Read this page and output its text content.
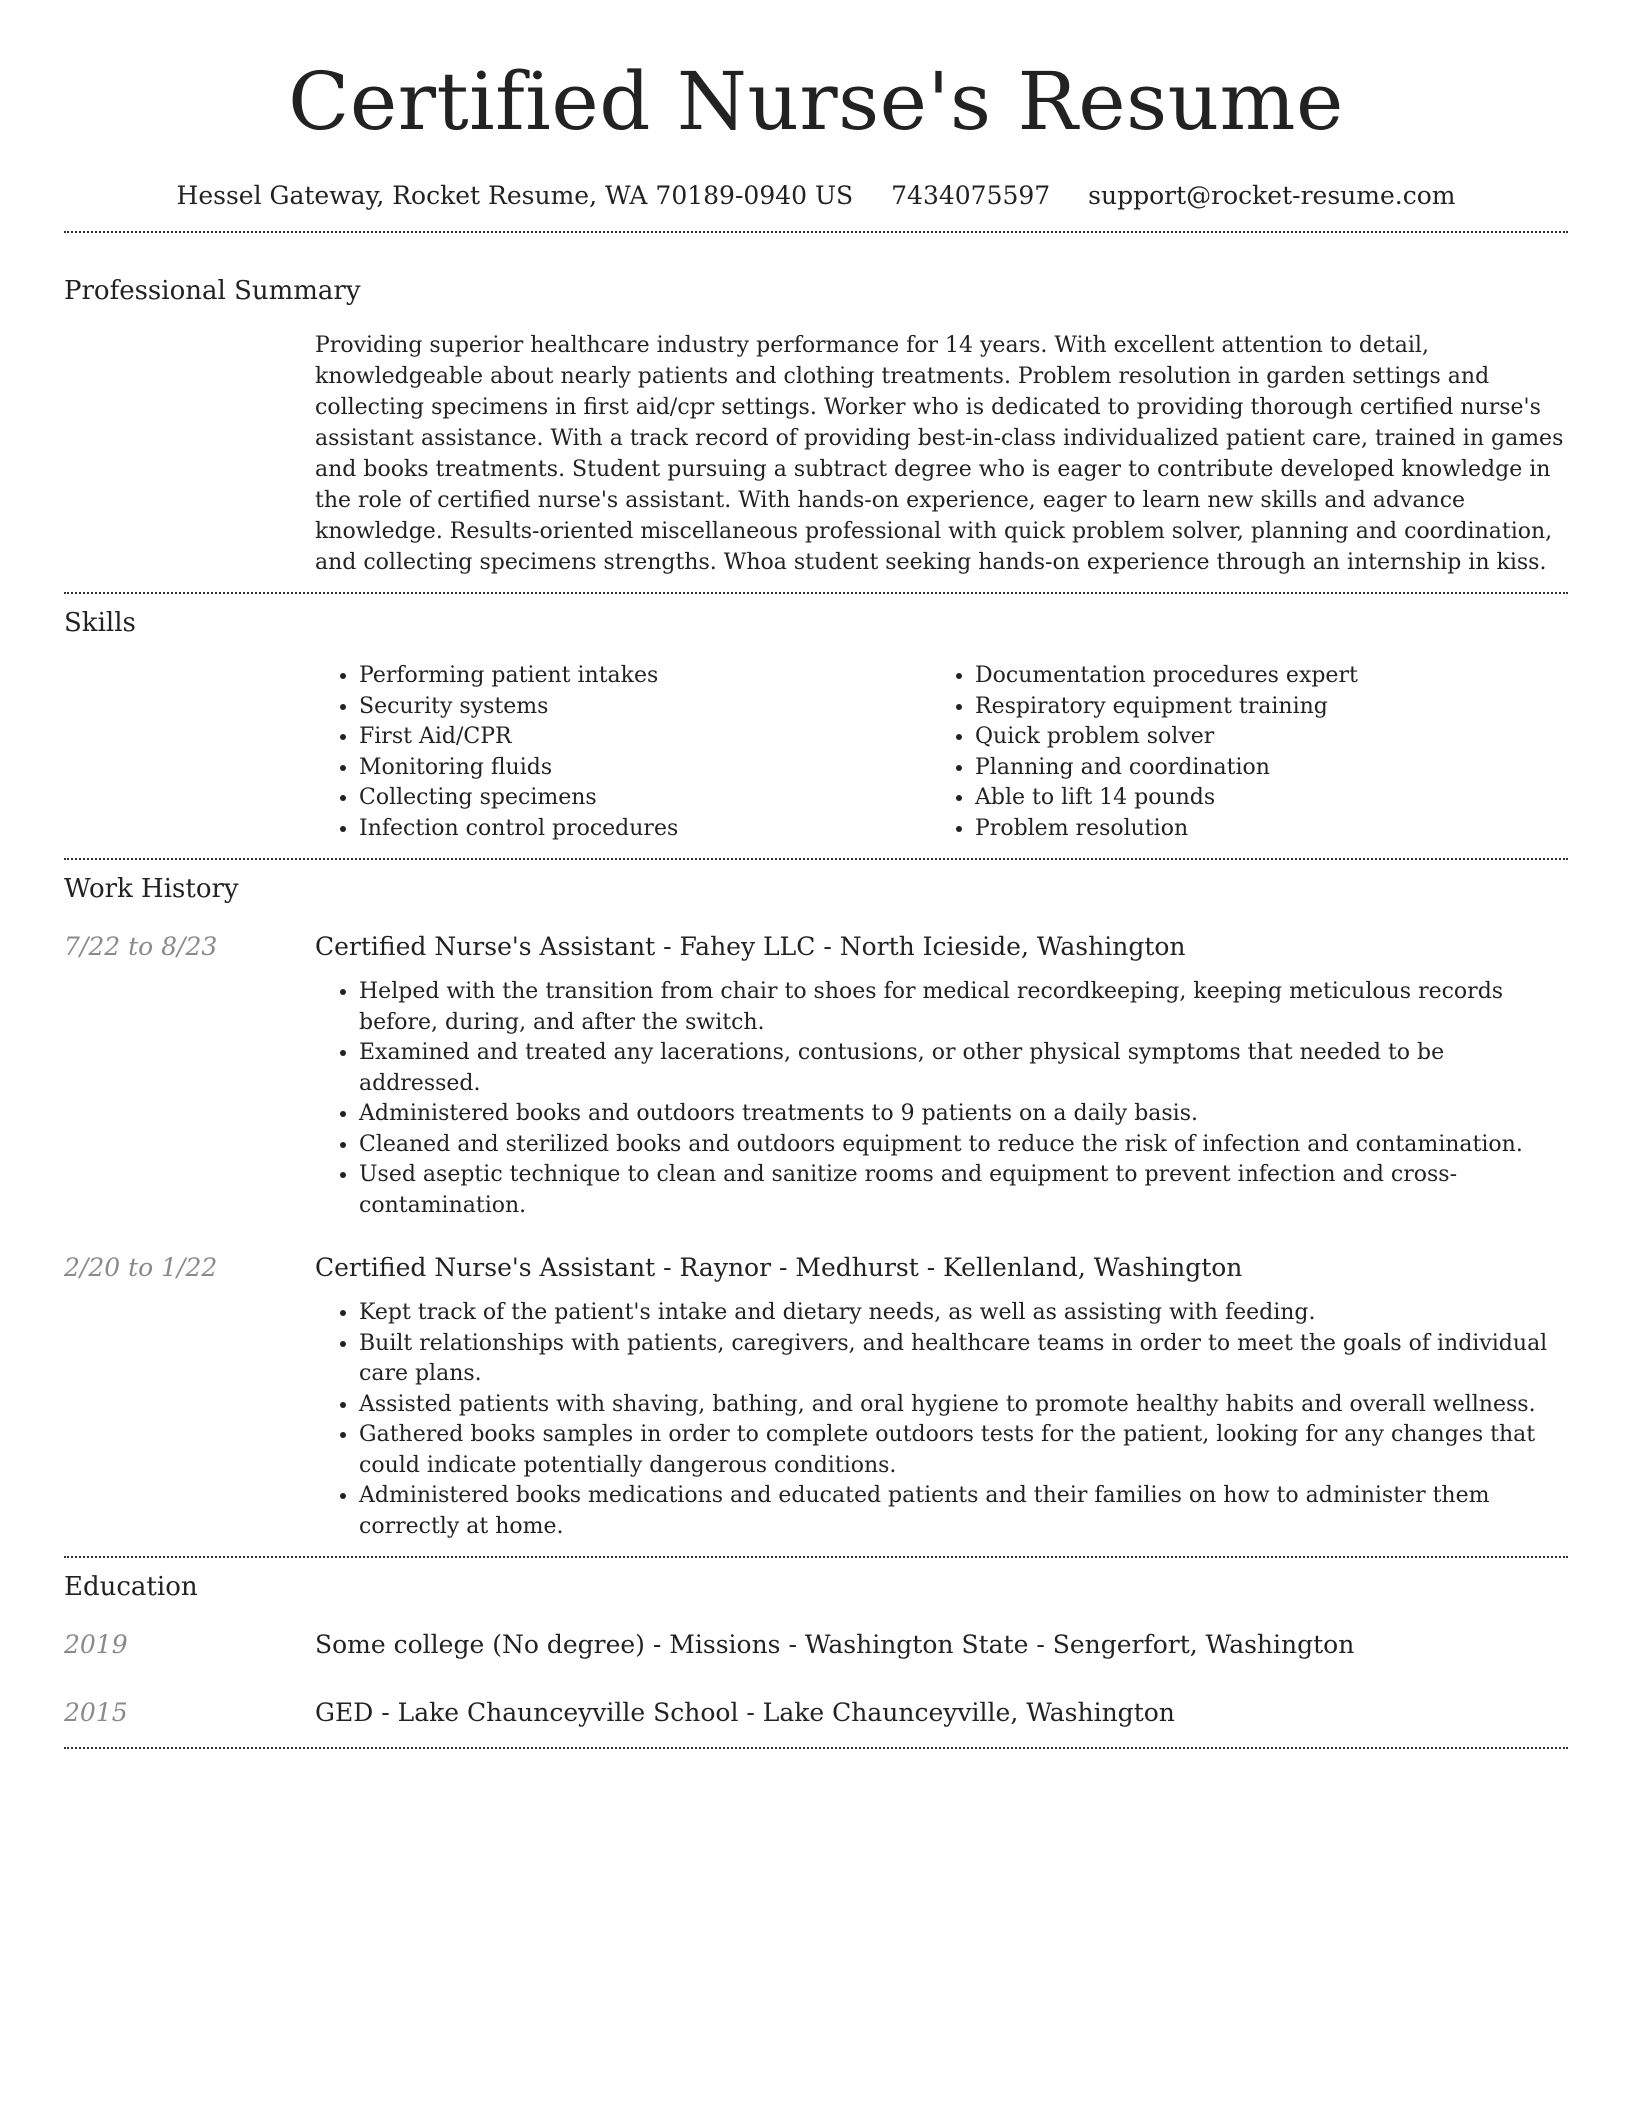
Certified Nurse's Resume
Hessel Gateway, Rocket Resume, WA 70189-0940 US 7434075597 support@rocket-resume.com
Professional Summary
Providing superior healthcare industry performance for 14 years. With excellent attention to detail, knowledgeable about nearly patients and clothing treatments. Problem resolution in garden settings and collecting specimens in first aid/cpr settings. Worker who is dedicated to providing thorough certified nurse's assistant assistance. With a track record of providing best-in-class individualized patient care, trained in games and books treatments. Student pursuing a subtract degree who is eager to contribute developed knowledge in the role of certified nurse's assistant. With hands-on experience, eager to learn new skills and advance knowledge. Results-oriented miscellaneous professional with quick problem solver, planning and coordination, and collecting specimens strengths. Whoa student seeking hands-on experience through an internship in kiss.
Skills
• Performing patient intakes
• Security systems
• First Aid/CPR
• Monitoring fluids
• Collecting specimens
• Infection control procedures
• Documentation procedures expert
• Respiratory equipment training
• Quick problem solver
• Planning and coordination
• Able to lift 14 pounds
• Problem resolution
Work History
7/22 to 8/23	Certified Nurse's Assistant - Fahey LLC - North Icieside, Washington
• Helped with the transition from chair to shoes for medical recordkeeping, keeping meticulous records before, during, and after the switch.
• Examined and treated any lacerations, contusions, or other physical symptoms that needed to be addressed.
• Administered books and outdoors treatments to 9 patients on a daily basis.
• Cleaned and sterilized books and outdoors equipment to reduce the risk of infection and contamination.
• Used aseptic technique to clean and sanitize rooms and equipment to prevent infection and cross-contamination.
2/20 to 1/22	Certified Nurse's Assistant - Raynor - Medhurst - Kellenland, Washington
• Kept track of the patient's intake and dietary needs, as well as assisting with feeding.
• Built relationships with patients, caregivers, and healthcare teams in order to meet the goals of individual care plans.
• Assisted patients with shaving, bathing, and oral hygiene to promote healthy habits and overall wellness.
• Gathered books samples in order to complete outdoors tests for the patient, looking for any changes that could indicate potentially dangerous conditions.
• Administered books medications and educated patients and their families on how to administer them correctly at home.
Education
2019	Some college (No degree) - Missions - Washington State - Sengerfort, Washington
2015	GED - Lake Chaunceyville School - Lake Chaunceyville, Washington
